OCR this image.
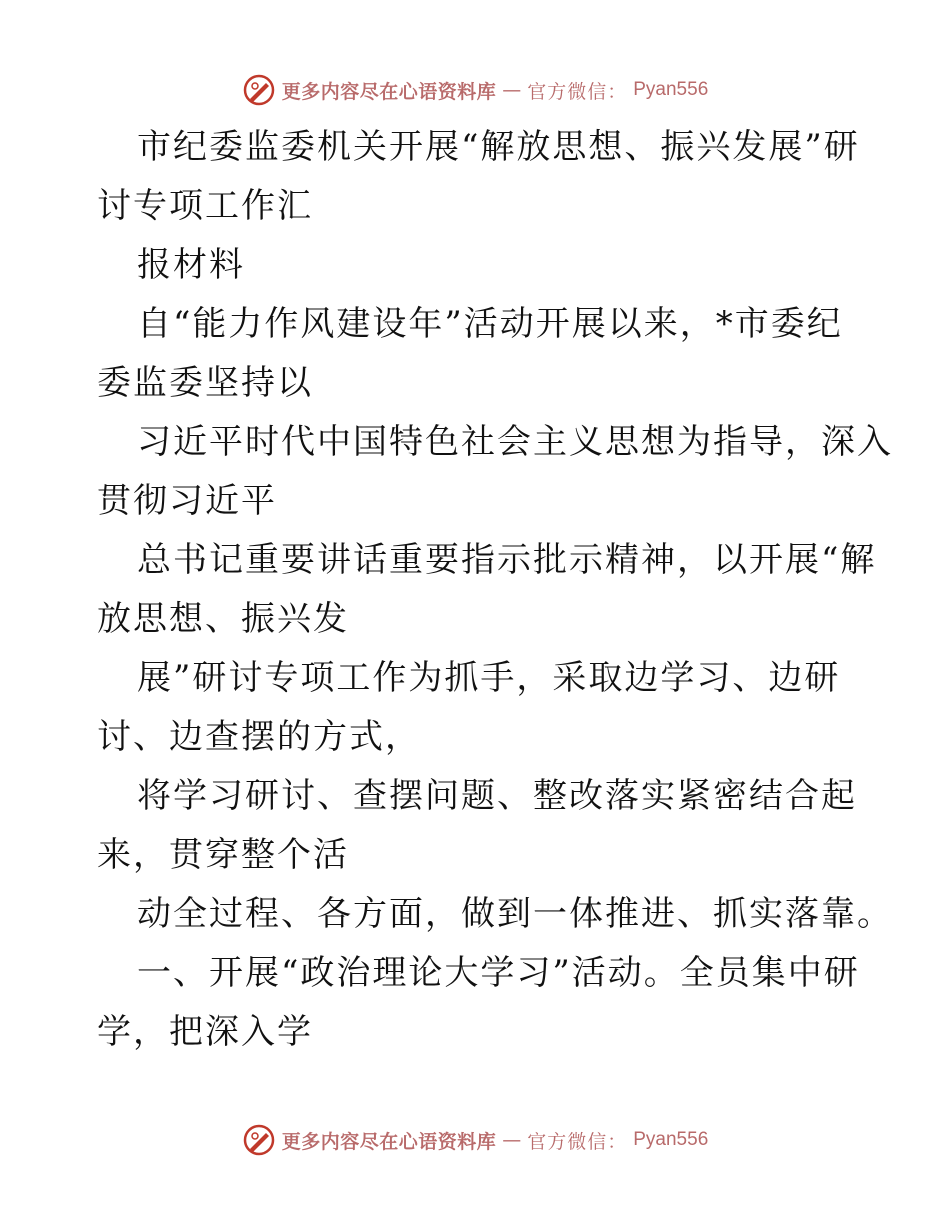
更多内容尽在心语资料库 — 官方微信： Pyan556
市纪委监委机关开展“解放思想、振兴发展”研
讨专项工作汇
报材料
自“能力作风建设年”活动开展以来，*市委纪
委监委坚持以
习近平时代中国特色社会主义思想为指导，深入
贯彻习近平
总书记重要讲话重要指示批示精神，以开展“解
放思想、振兴发
展”研讨专项工作为抓手，采取边学习、边研
讨、边查摆的方式，
将学习研讨、查摆问题、整改落实紧密结合起
来，贯穿整个活
动全过程、各方面，做到一体推进、抓实落靠。
一、开展“政治理论大学习”活动。全员集中研
学，把深入学
更多内容尽在心语资料库 — 官方微信： Pyan556
